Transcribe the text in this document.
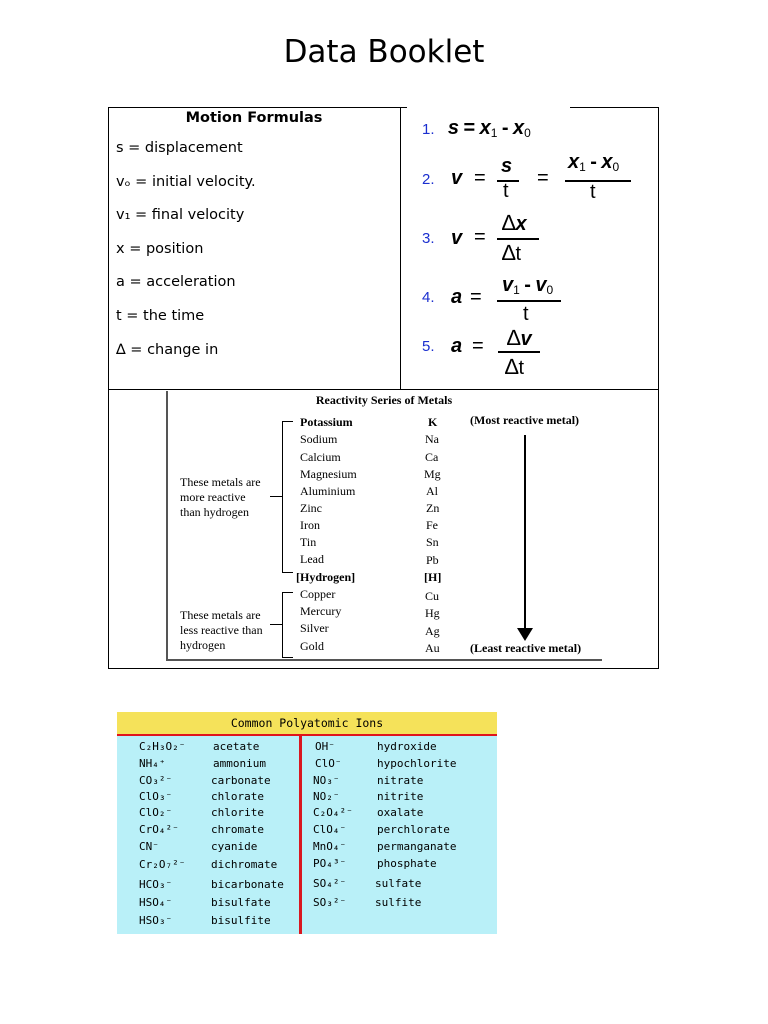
Data Booklet
Motion Formulas
s = displacement
vₒ = initial velocity.
v₁ = final velocity
x = position
a = acceleration
t = the time
∆ = change in
1. $s = x_1 - x_0$
2. v =
s
t
=
$x_1 - x_0$
t
3. v =
∆x
∆t
4. a =
$v_1 - v_0$
t
5. a = ∆v
∆t
Reactivity Series of Metals
(Most reactive metal)
(Least reactive metal)
These metals are
more reactive
than hydrogen
These metals are
less reactive than
hydrogen
Potassium	K
Sodium	Na
Calcium	Ca
Magnesium	Mg
Aluminium	Al
Zinc	Zn
Iron	Fe
Tin	Sn
Lead	Pb
[Hydrogen]	[H]
Copper	Cu
Mercury	Hg
Silver	Ag
Gold	Au
Common Polyatomic Ions
C₂H₃O₂⁻	acetate
NH₄⁺	ammonium
CO₃²⁻	carbonate
ClO₃⁻	chlorate
ClO₂⁻	chlorite
CrO₄²⁻	chromate
CN⁻	cyanide
Cr₂O₇²⁻ dichromate
HCO₃⁻	bicarbonate
HSO₄⁻	bisulfate
HSO₃⁻	bisulfite
OH⁻	hydroxide
ClO⁻	hypochlorite
NO₃⁻	nitrate
NO₂⁻	nitrite
C₂O₄²⁻ oxalate
ClO₄⁻	perchlorate
MnO₄⁻	permanganate
PO₄³⁻	phosphate
SO₄²⁻	sulfate
SO₃²⁻	sulfite
